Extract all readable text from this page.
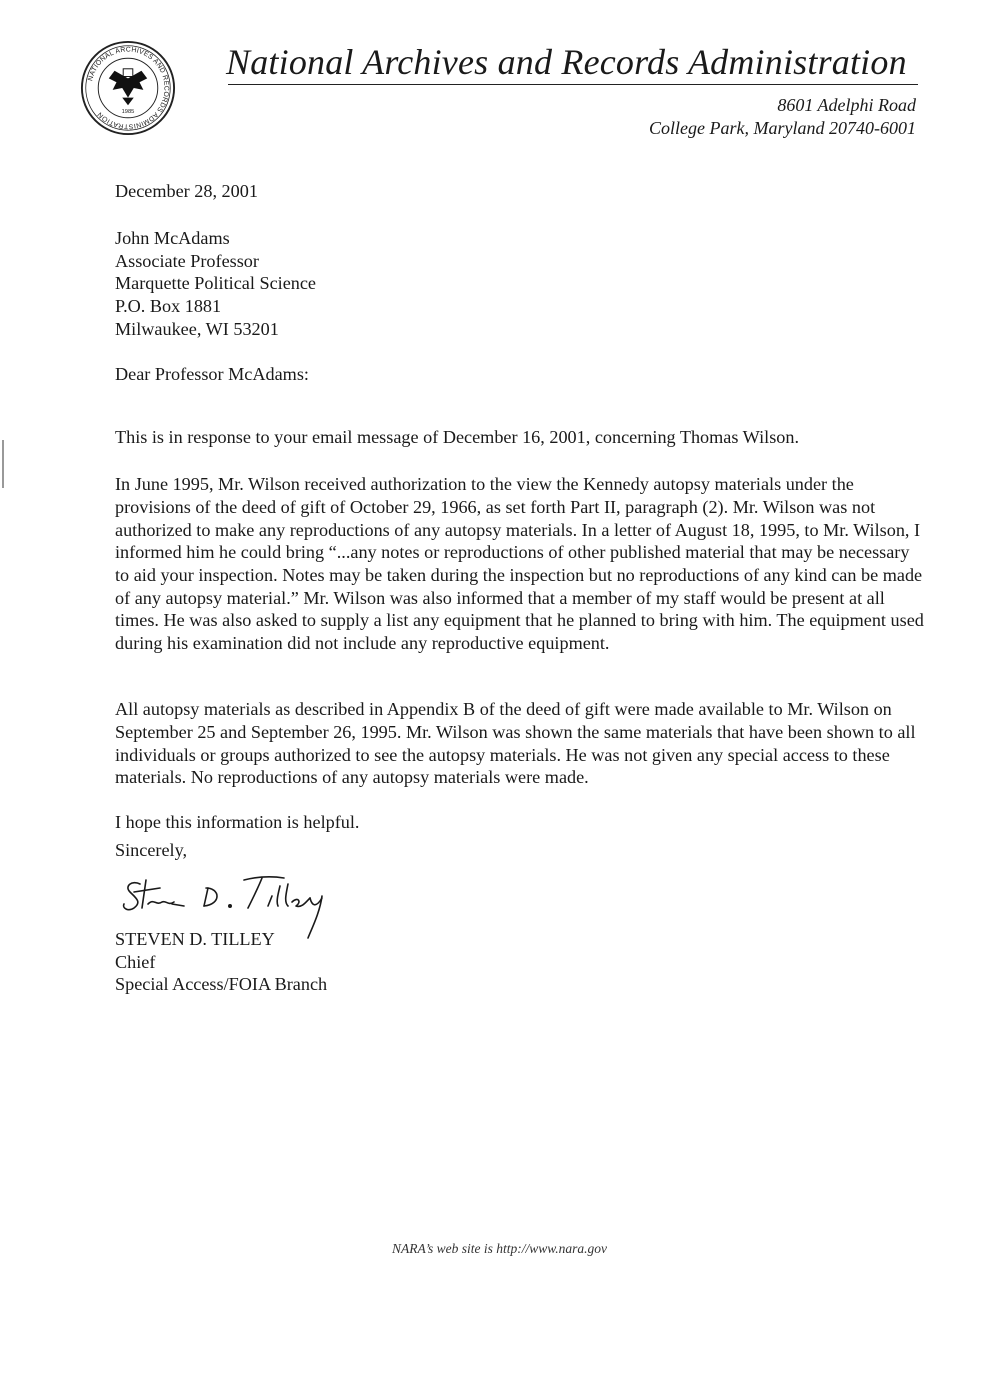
NATIONAL ARCHIVES AND RECORDS ADMINISTRATION	1985
National Archives and Records Administration
8601 Adelphi Road
College Park, Maryland 20740-6001
December 28, 2001
John McAdams
Associate Professor
Marquette Political Science
P.O. Box 1881
Milwaukee, WI 53201
Dear Professor McAdams:

This is in response to your email message of December 16, 2001, concerning Thomas Wilson.

In June 1995, Mr. Wilson received authorization to the view the Kennedy autopsy materials under the provisions of the deed of gift of October 29, 1966, as set forth Part II, paragraph (2). Mr. Wilson was not authorized to make any reproductions of any autopsy materials. In a letter of August 18, 1995, to Mr. Wilson, I informed him he could bring “...any notes or reproductions of other published material that may be necessary to aid your inspection. Notes may be taken during the inspection but no reproductions of any kind can be made of any autopsy material.” Mr. Wilson was also informed that a member of my staff would be present at all times. He was also asked to supply a list any equipment that he planned to bring with him. The equipment used during his examination did not include any reproductive equipment.

All autopsy materials as described in Appendix B of the deed of gift were made available to Mr. Wilson on September 25 and September 26, 1995. Mr. Wilson was shown the same materials that have been shown to all individuals or groups authorized to see the autopsy materials. He was not given any special access to these materials. No reproductions of any autopsy materials were made.

I hope this information is helpful.

Sincerely,
Steven D. Tilley
STEVEN D. TILLEY
Chief
Special Access/FOIA Branch
NARA’s web site is http://www.nara.gov
